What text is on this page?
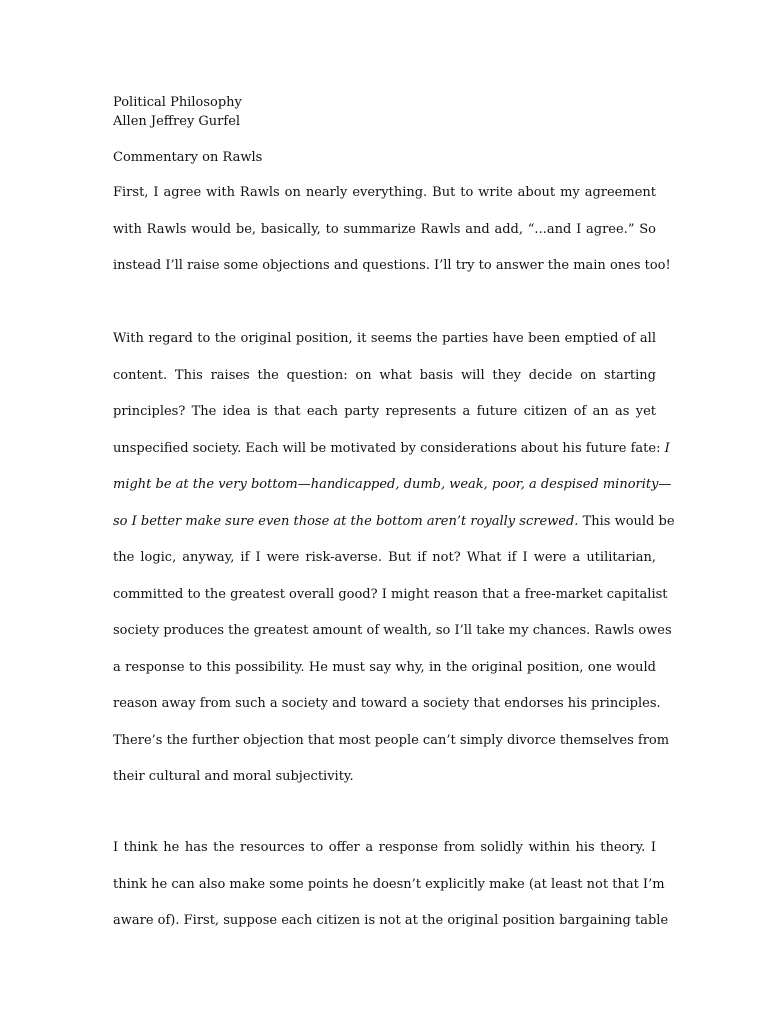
Political Philosophy
Allen Jeffrey Gurfel
Commentary on Rawls
First, I agree with Rawls on nearly everything. But to write about my agreement
with Rawls would be, basically, to summarize Rawls and add, “...and I agree.” So
instead I’ll raise some objections and questions. I’ll try to answer the main ones too!
With regard to the original position, it seems the parties have been emptied of all
content. This raises the question: on what basis will they decide on starting
principles? The idea is that each party represents a future citizen of an as yet
unspecified society. Each will be motivated by considerations about his future fate: I
might be at the very bottom—handicapped, dumb, weak, poor, a despised minority—
so I better make sure even those at the bottom aren’t royally screwed. This would be
the logic, anyway, if I were risk-averse. But if not? What if I were a utilitarian,
committed to the greatest overall good? I might reason that a free-market capitalist
society produces the greatest amount of wealth, so I’ll take my chances. Rawls owes
a response to this possibility. He must say why, in the original position, one would
reason away from such a society and toward a society that endorses his principles.
There’s the further objection that most people can’t simply divorce themselves from
their cultural and moral subjectivity.
I think he has the resources to offer a response from solidly within his theory. I
think he can also make some points he doesn’t explicitly make (at least not that I’m
aware of). First, suppose each citizen is not at the original position bargaining table
